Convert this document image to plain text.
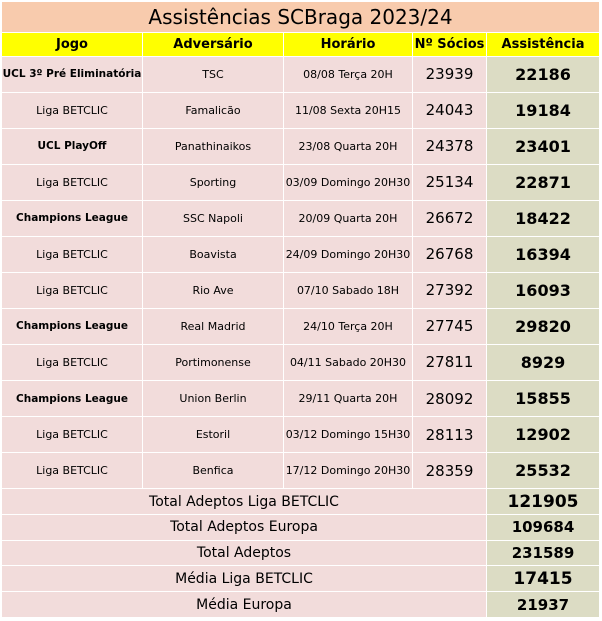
Assistências SCBraga 2023/24				
Jogo	Adversário	Horário	Nº Sócios	Assistência
UCL 3º Pré Eliminatória	TSC	08/08 Terça 20H	23939	22186
Liga BETCLIC	Famalicão	11/08 Sexta 20H15	24043	19184
UCL PlayOff	Panathinaikos	23/08 Quarta 20H	24378	23401
Liga BETCLIC	Sporting	03/09 Domingo 20H30	25134	22871
Champions League	SSC Napoli	20/09 Quarta 20H	26672	18422
Liga BETCLIC	Boavista	24/09 Domingo 20H30	26768	16394
Liga BETCLIC	Rio Ave	07/10 Sabado 18H	27392	16093
Champions League	Real Madrid	24/10 Terça 20H	27745	29820
Liga BETCLIC	Portimonense	04/11 Sabado 20H30	27811	8929
Champions League	Union Berlin	29/11 Quarta 20H	28092	15855
Liga BETCLIC	Estoril	03/12 Domingo 15H30	28113	12902
Liga BETCLIC	Benfica	17/12 Domingo 20H30	28359	25532
Total Adeptos Liga BETCLIC				121905
Total Adeptos Europa				109684
Total Adeptos				231589
Média Liga BETCLIC				17415
Média Europa				21937
